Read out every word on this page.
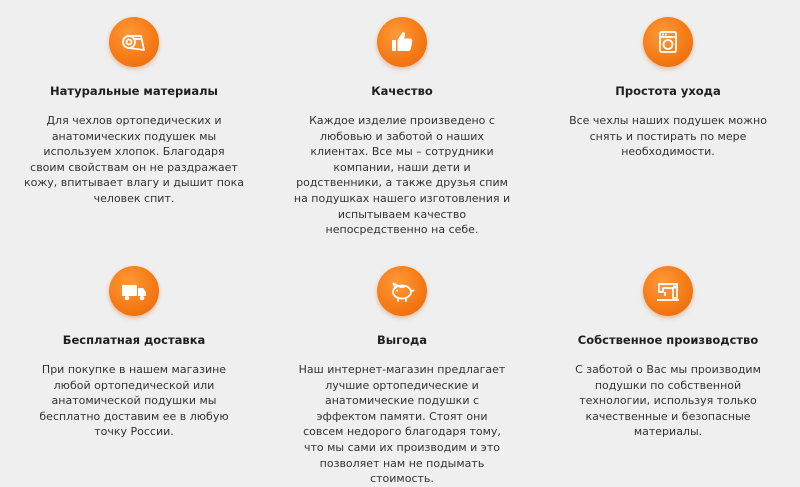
Натуральные материалы
Для чехлов ортопедических и
анатомических подушек мы
используем хлопок. Благодаря
своим свойствам он не раздражает
кожу, впитывает влагу и дышит пока
человек спит.
Качество
Каждое изделие произведено с
любовью и заботой о наших
клиентах. Все мы – сотрудники
компании, наши дети и
родственники, а также друзья спим
на подушках нашего изготовления и
испытываем качество
непосредственно на себе.
Простота ухода
Все чехлы наших подушек можно
снять и постирать по мере
необходимости.
Бесплатная доставка
При покупке в нашем магазине
любой ортопедической или
анатомической подушки мы
бесплатно доставим ее в любую
точку России.
Выгода
Наш интернет-магазин предлагает
лучшие ортопедические и
анатомические подушки с
эффектом памяти. Стоят они
совсем недорого благодаря тому,
что мы сами их производим и это
позволяет нам не подымать
стоимость.
Собственное производство
С заботой о Вас мы производим
подушки по собственной
технологии, используя только
качественные и безопасные
материалы.
